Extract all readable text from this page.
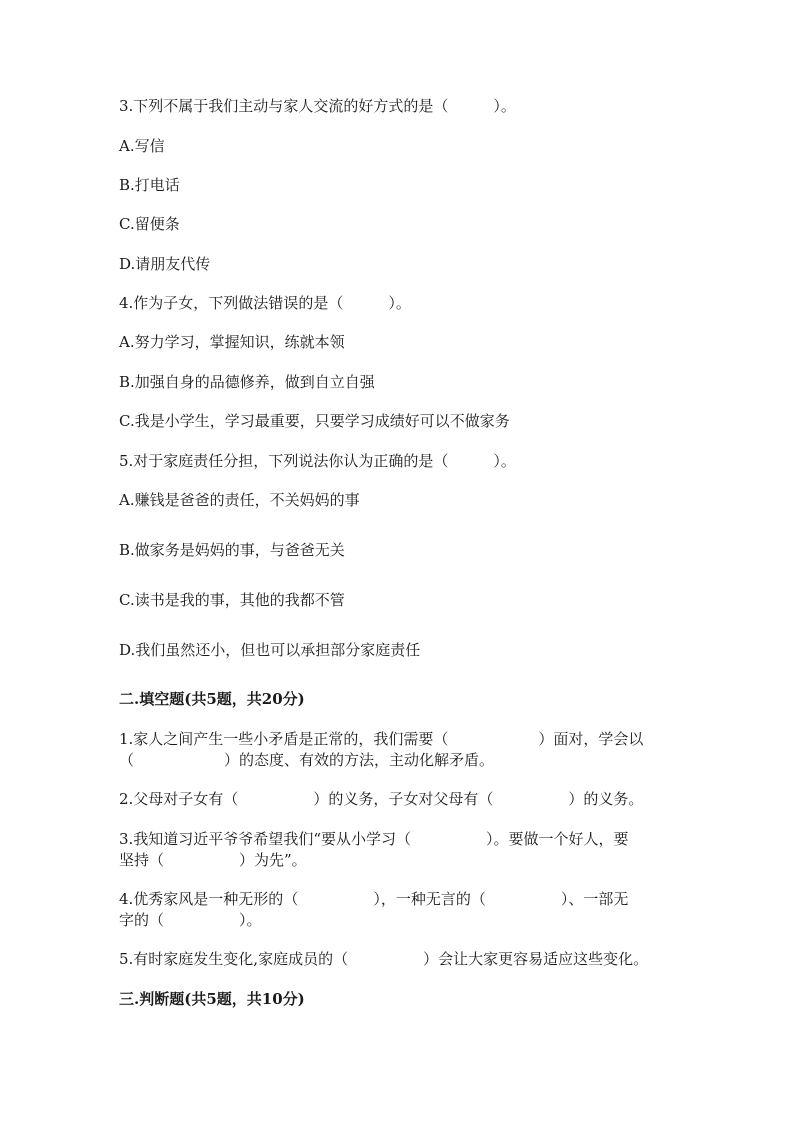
3.下列不属于我们主动与家人交流的好方式的是（　　　）。
A.写信
B.打电话
C.留便条
D.请朋友代传
4.作为子女，下列做法错误的是（　　　）。
A.努力学习，掌握知识，练就本领
B.加强自身的品德修养，做到自立自强
C.我是小学生，学习最重要，只要学习成绩好可以不做家务
5.对于家庭责任分担，下列说法你认为正确的是（　　　）。
A.赚钱是爸爸的责任，不关妈妈的事
B.做家务是妈妈的事，与爸爸无关
C.读书是我的事，其他的我都不管
D.我们虽然还小，但也可以承担部分家庭责任
二.填空题(共5题，共20分)
1.家人之间产生一些小矛盾是正常的，我们需要（　　　　　　）面对，学会以
（　　　　　　）的态度、有效的方法，主动化解矛盾。
2.父母对子女有（　　　　　）的义务，子女对父母有（　　　　　）的义务。
3.我知道习近平爷爷希望我们“要从小学习（　　　　　）。要做一个好人，要
坚持（　　　　　）为先”。
4.优秀家风是一种无形的（　　　　　），一种无言的（　　　　　）、一部无
字的（　　　　　）。
5.有时家庭发生变化,家庭成员的（　　　　　）会让大家更容易适应这些变化。
三.判断题(共5题，共10分)
